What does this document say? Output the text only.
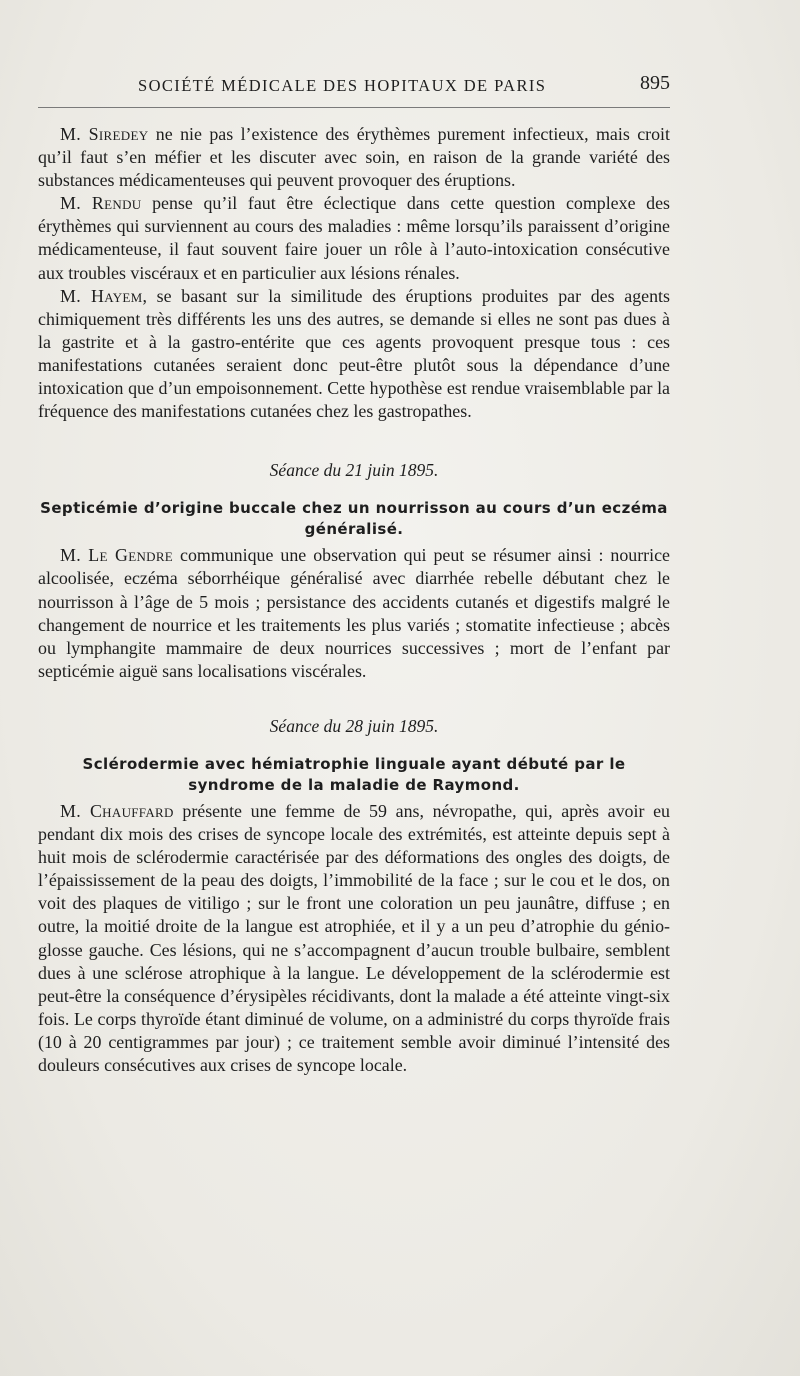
SOCIÉTÉ MÉDICALE DES HOPITAUX DE PARIS	895

M. Siredey ne nie pas l’existence des érythèmes purement infectieux, mais croit qu’il faut s’en méfier et les discuter avec soin, en raison de la grande variété des substances médicamenteuses qui peuvent provoquer des éruptions.

M. Rendu pense qu’il faut être éclectique dans cette question complexe des érythèmes qui surviennent au cours des maladies : même lorsqu’ils paraissent d’origine médicamenteuse, il faut souvent faire jouer un rôle à l’auto-intoxication consécutive aux troubles viscéraux et en particulier aux lésions rénales.

M. Hayem, se basant sur la similitude des éruptions produites par des agents chimiquement très différents les uns des autres, se demande si elles ne sont pas dues à la gastrite et à la gastro-entérite que ces agents provoquent presque tous : ces manifestations cutanées seraient donc peut-être plutôt sous la dépendance d’une intoxication que d’un empoisonnement. Cette hypothèse est rendue vraisemblable par la fréquence des manifestations cutanées chez les gastropathes.

Séance du 21 juin 1895.

Septicémie d’origine buccale chez un nourrisson au cours d’un eczéma généralisé.

M. Le Gendre communique une observation qui peut se résumer ainsi : nourrice alcoolisée, eczéma séborrhéique généralisé avec diarrhée rebelle débutant chez le nourrisson à l’âge de 5 mois ; persistance des accidents cutanés et digestifs malgré le changement de nourrice et les traitements les plus variés ; stomatite infectieuse ; abcès ou lymphangite mammaire de deux nourrices successives ; mort de l’enfant par septicémie aiguë sans localisations viscérales.

Séance du 28 juin 1895.

Sclérodermie avec hémiatrophie linguale ayant débuté par le syndrome de la maladie de Raymond.

M. Chauffard présente une femme de 59 ans, névropathe, qui, après avoir eu pendant dix mois des crises de syncope locale des extrémités, est atteinte depuis sept à huit mois de sclérodermie caractérisée par des déformations des ongles des doigts, de l’épaississement de la peau des doigts, l’immobilité de la face ; sur le cou et le dos, on voit des plaques de vitiligo ; sur le front une coloration un peu jaunâtre, diffuse ; en outre, la moitié droite de la langue est atrophiée, et il y a un peu d’atrophie du génio-glosse gauche. Ces lésions, qui ne s’accompagnent d’aucun trouble bulbaire, semblent dues à une sclérose atrophique à la langue. Le développement de la sclérodermie est peut-être la conséquence d’érysipèles récidivants, dont la malade a été atteinte vingt-six fois. Le corps thyroïde étant diminué de volume, on a administré du corps thyroïde frais (10 à 20 centigrammes par jour) ; ce traitement semble avoir diminué l’intensité des douleurs consécutives aux crises de syncope locale.
